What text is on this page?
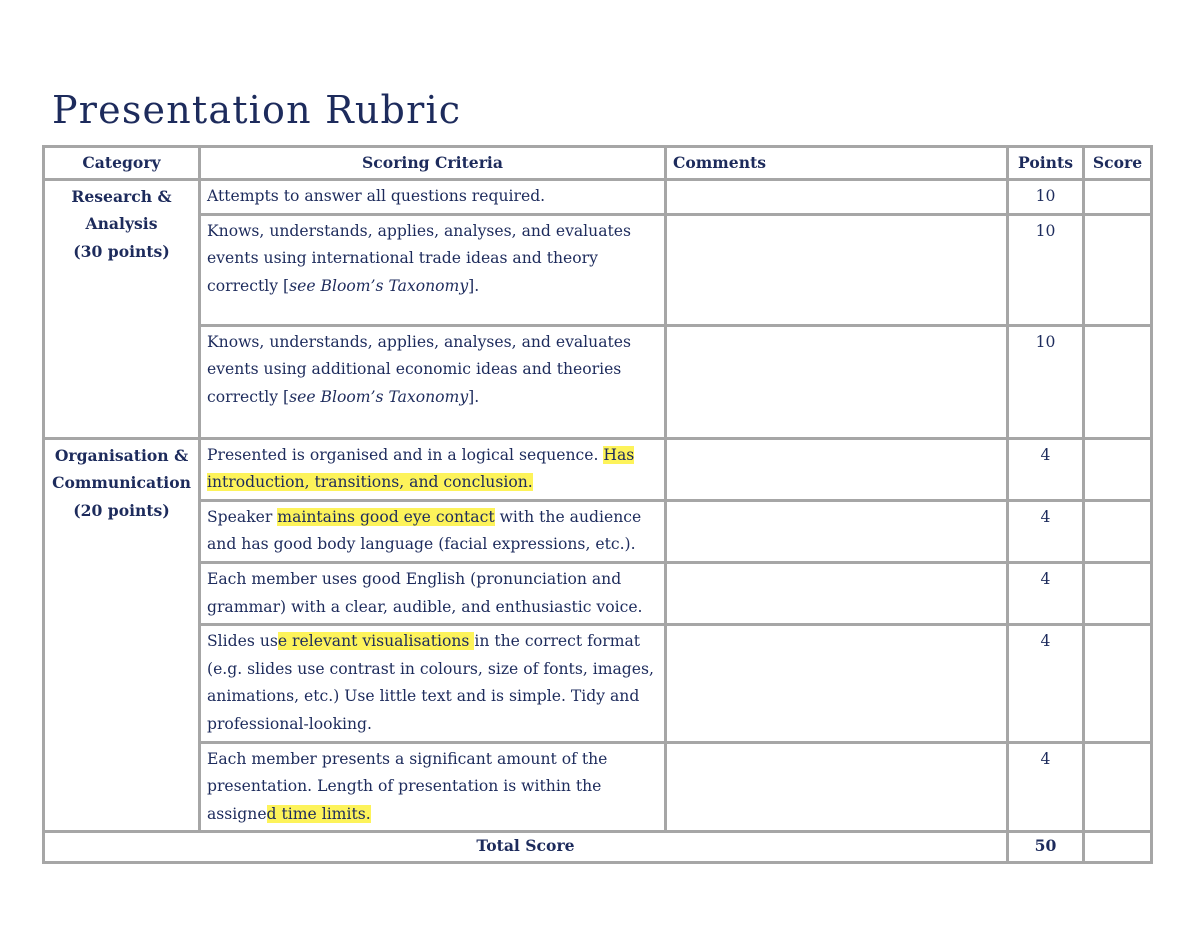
Presentation Rubric
Category	Scoring Criteria	Comments	Points	Score
Research &
Analysis
(30 points)	Attempts to answer all questions required.		10	
	Knows, understands, applies, analyses, and evaluates events using international trade ideas and theory correctly [see Bloom’s Taxonomy].		10	
	Knows, understands, applies, analyses, and evaluates events using additional economic ideas and theories correctly [see Bloom’s Taxonomy].		10	
Organisation &
Communication
(20 points)	Presented is organised and in a logical sequence. Has introduction, transitions, and conclusion.		4	
	Speaker maintains good eye contact with the audience and has good body language (facial expressions, etc.).		4	
	Each member uses good English (pronunciation and grammar) with a clear, audible, and enthusiastic voice.		4	
	Slides use relevant visualisations in the correct format (e.g. slides use contrast in colours, size of fonts, images, animations, etc.) Use little text and is simple. Tidy and professional-looking.		4	
	Each member presents a significant amount of the presentation. Length of presentation is within the assigned time limits.		4	
Total Score			50	
